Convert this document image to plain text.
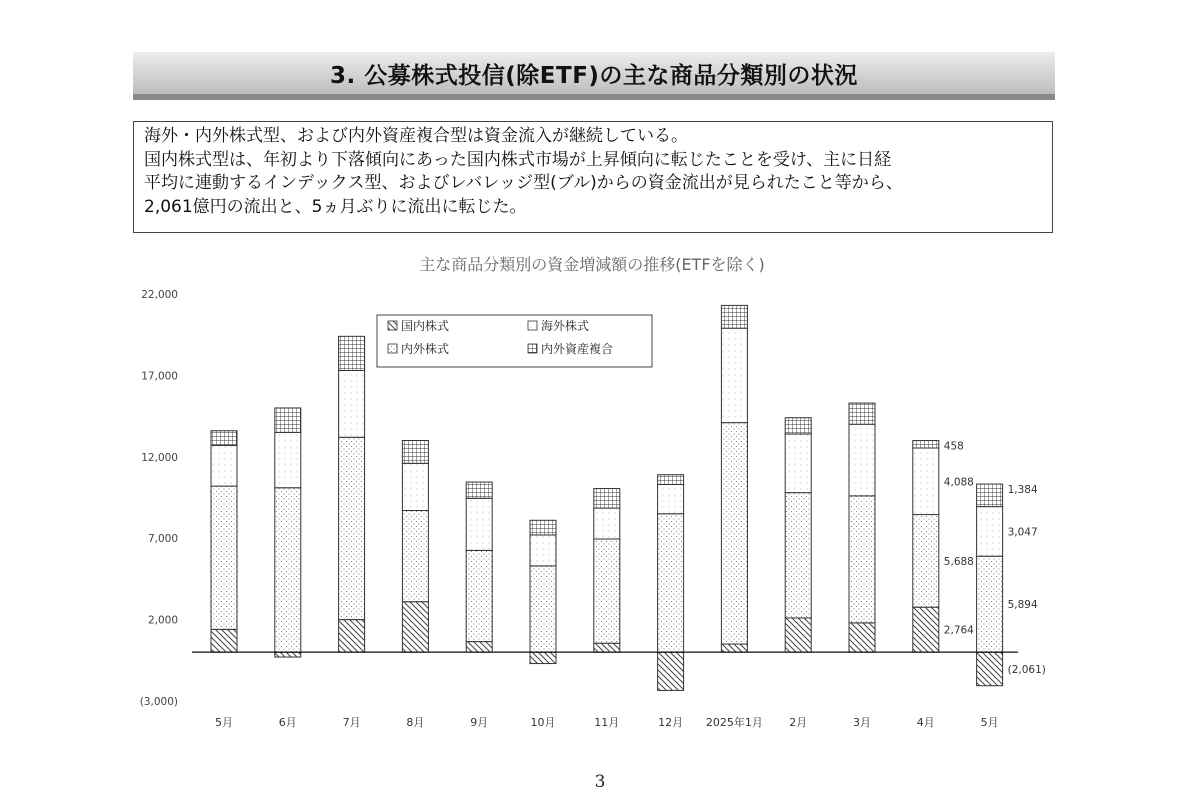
3. 公募株式投信(除ETF)の主な商品分類別の状況
海外・内外株式型、および内外資産複合型は資金流入が継続している。
国内株式型は、年初より下落傾向にあった国内株式市場が上昇傾向に転じたことを受け、主に日経
平均に連動するインデックス型、およびレバレッジ型(ブル)からの資金流出が見られたこと等から、
2,061億円の流出と、5ヵ月ぶりに流出に転じた。
主な商品分類別の資金増減額の推移(ETFを除く)
(3,000)
2,000
7,000
12,000
17,000
22,000
5月	6月	7月	8月	9月	10月	11月	12月 2025年1月 2月	3月	4月	5月
2,764
5,688
4,088
458
(2,061)
5,894
3,047
1,384
国内株式	海外株式
内外株式	内外資産複合
3
